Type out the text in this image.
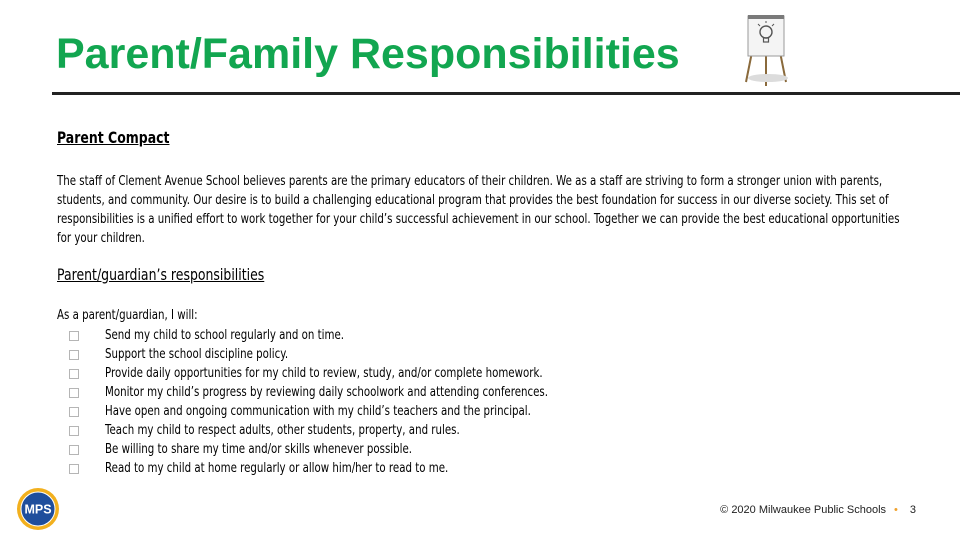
Parent/Family Responsibilities

Parent Compact

The staff of Clement Avenue School believes parents are the primary educators of their children. We as a staff are striving to form a stronger union with parents, students, and community. Our desire is to build a challenging educational program that provides the best foundation for success in our diverse society. This set of responsibilities is a unified effort to work together for your child’s successful achievement in our school. Together we can provide the best educational opportunities for your children.

Parent/guardian’s responsibilities

As a parent/guardian, I will:

Send my child to school regularly and on time.
Support the school discipline policy.
Provide daily opportunities for my child to review, study, and/or complete homework.
Monitor my child’s progress by reviewing daily schoolwork and attending conferences.
Have open and ongoing communication with my child’s teachers and the principal.
Teach my child to respect adults, other students, property, and rules.
Be willing to share my time and/or skills whenever possible.
Read to my child at home regularly or allow him/her to read to me.
MPS	© 2020 Milwaukee Public Schools • 3
